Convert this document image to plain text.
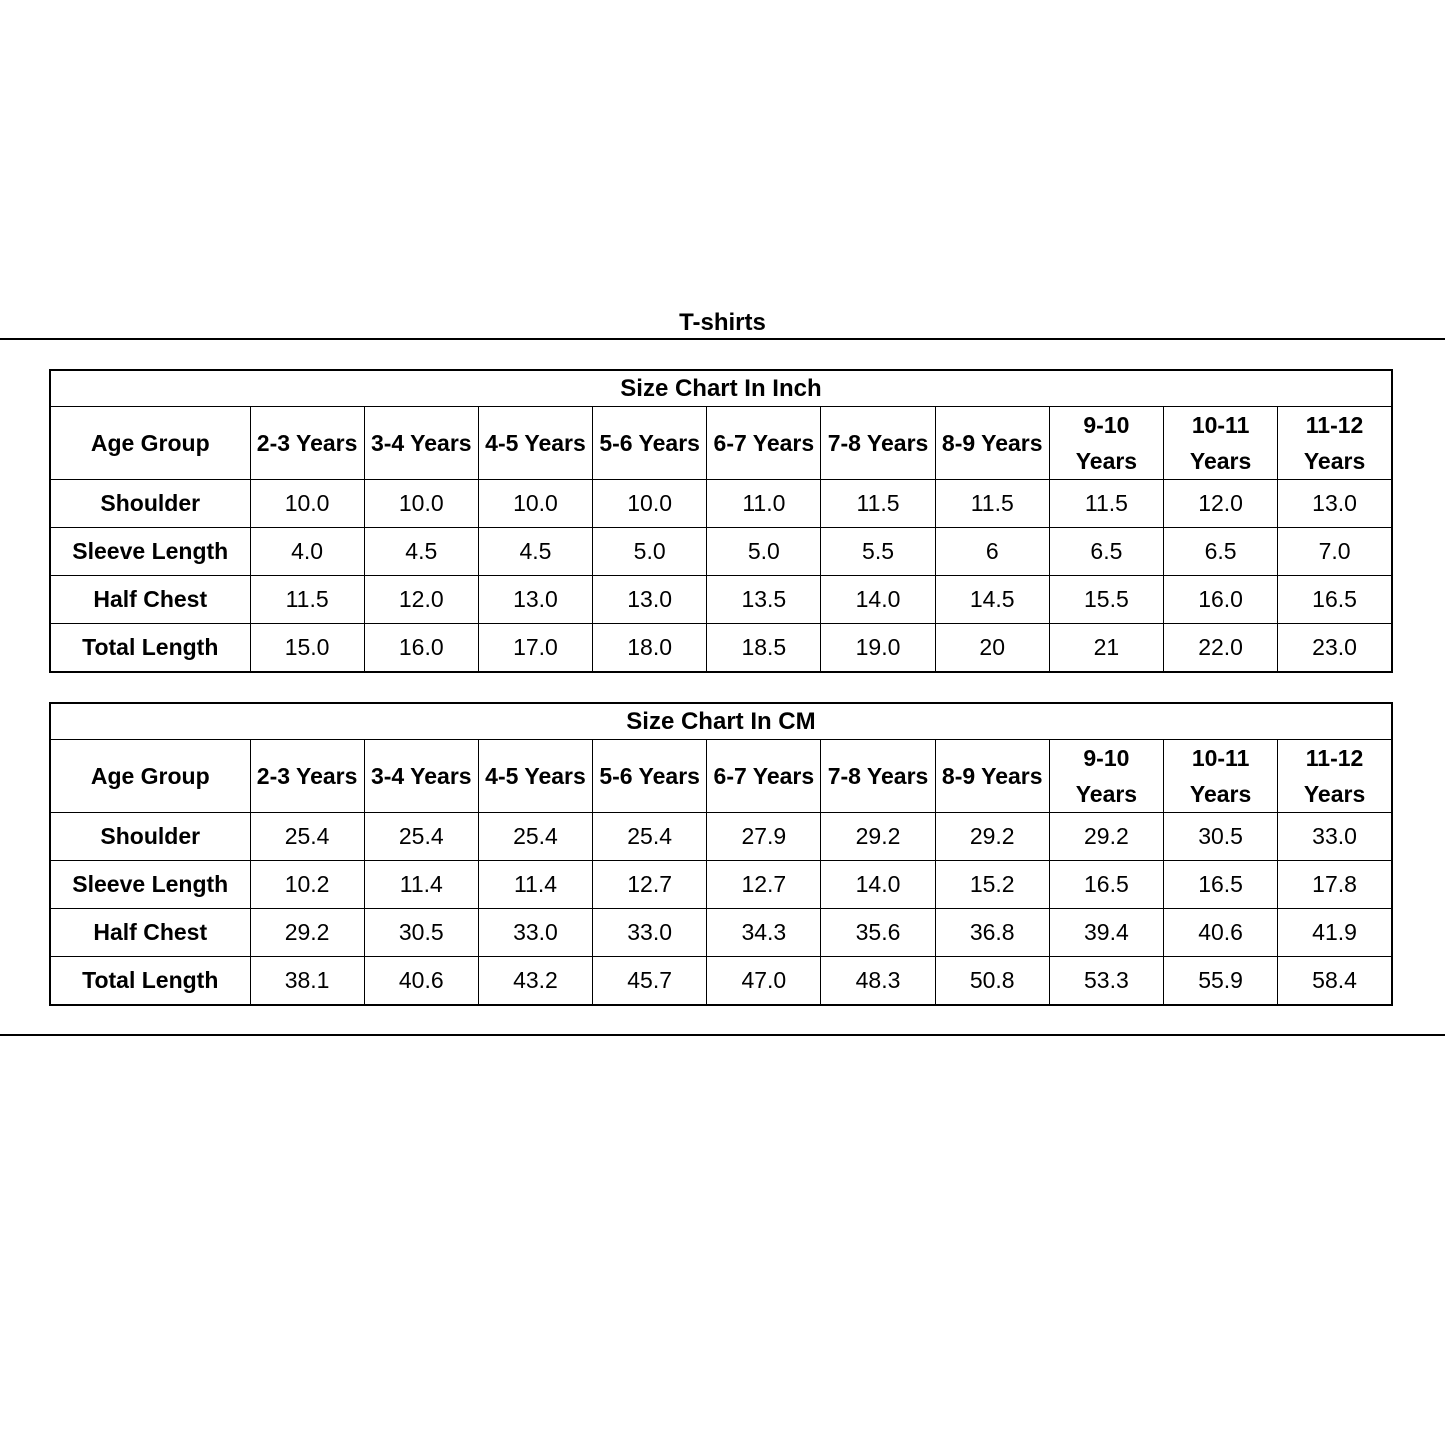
T-shirts
Size Chart In Inch										
Age Group	2-3 Years	3-4 Years	4-5 Years	5-6 Years	6-7 Years	7-8 Years	8-9 Years	9-10 Years	10-11 Years	11-12 Years
Shoulder	10.0	10.0	10.0	10.0	11.0	11.5	11.5	11.5	12.0	13.0
Sleeve Length	4.0	4.5	4.5	5.0	5.0	5.5	6	6.5	6.5	7.0
Half Chest	11.5	12.0	13.0	13.0	13.5	14.0	14.5	15.5	16.0	16.5
Total Length	15.0	16.0	17.0	18.0	18.5	19.0	20	21	22.0	23.0
Size Chart In CM										
Age Group	2-3 Years	3-4 Years	4-5 Years	5-6 Years	6-7 Years	7-8 Years	8-9 Years	9-10 Years	10-11 Years	11-12 Years
Shoulder	25.4	25.4	25.4	25.4	27.9	29.2	29.2	29.2	30.5	33.0
Sleeve Length	10.2	11.4	11.4	12.7	12.7	14.0	15.2	16.5	16.5	17.8
Half Chest	29.2	30.5	33.0	33.0	34.3	35.6	36.8	39.4	40.6	41.9
Total Length	38.1	40.6	43.2	45.7	47.0	48.3	50.8	53.3	55.9	58.4
